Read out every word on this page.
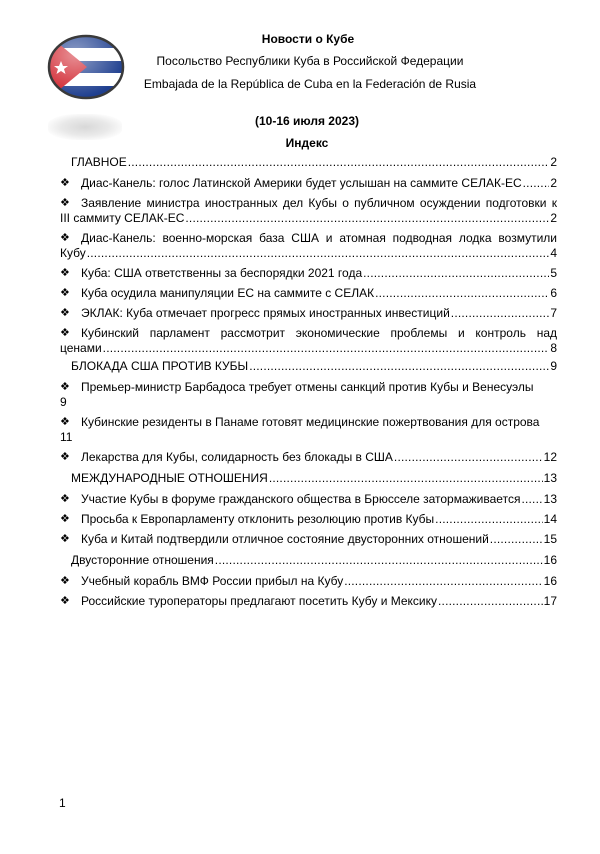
Новости о Кубе
Посольство Республики Куба в Российской Федерации
Embajada de la República de Cuba en la Federación de Rusia
(10-16 июля 2023)
Индекс
ГЛАВНОЕ .....	2
❖ Диас-Канель: голос Латинской Америки будет услышан на саммите СЕЛАК-ЕС ..... 2
❖ Заявление министра иностранных дел Кубы о публичном осуждении подготовки к
III саммиту СЕЛАК-ЕС .....	2
❖ Диас-Канель: военно-морская база США и атомная подводная лодка возмутили
Кубу .....	4
❖ Куба: США ответственны за беспорядки 2021 года .....	5
❖ Куба осудила манипуляции ЕС на саммите с СЕЛАК .....	6
❖ ЭКЛАК: Куба отмечает прогресс прямых иностранных инвестиций .....	7
❖ Кубинский парламент рассмотрит экономические проблемы и контроль над
ценами .....	8
БЛОКАДА США ПРОТИВ КУБЫ .....	9
❖ Премьер-министр Барбадоса требует отмены санкций против Кубы и Венесуэлы
9
❖ Кубинские резиденты в Панаме готовят медицинские пожертвования для острова
11
❖ Лекарства для Кубы, солидарность без блокады в США .....	12
МЕЖДУНАРОДНЫЕ ОТНОШЕНИЯ .....	13
❖ Участие Кубы в форуме гражданского общества в Брюсселе затормаживается ..... 13
❖ Просьба к Европарламенту отклонить резолюцию против Кубы .....	14
❖ Куба и Китай подтвердили отличное состояние двусторонних отношений .....	15
Двусторонние отношения .....	16
❖ Учебный корабль ВМФ России прибыл на Кубу .....	16
❖ Российские туроператоры предлагают посетить Кубу и Мексику .....	17
1
